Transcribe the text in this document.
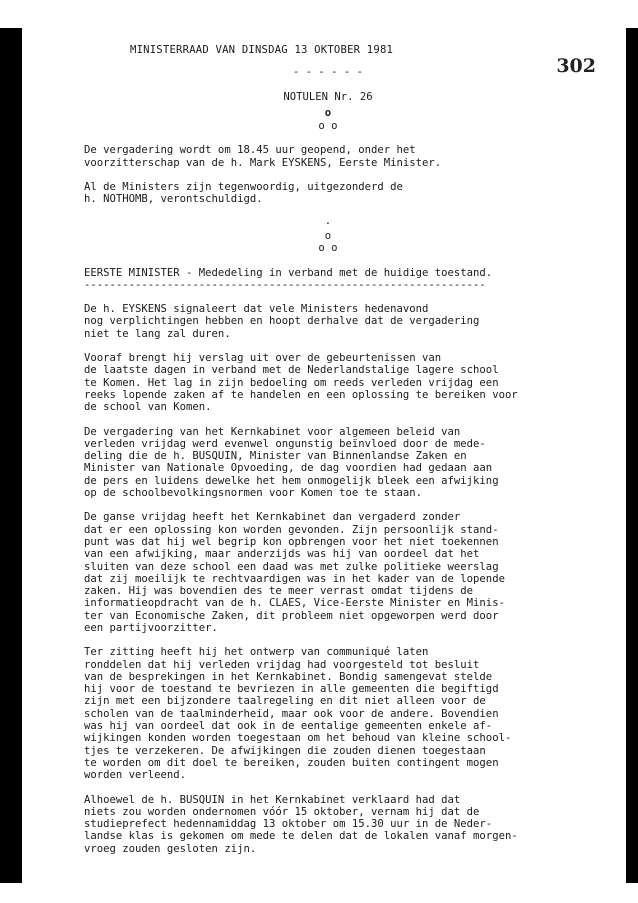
302
MINISTERRAAD VAN DINSDAG 13 OKTOBER 1981
- - - - - -
NOTULEN Nr. 26
o
o o

De vergadering wordt om 18.45 uur geopend, onder het
voorzitterschap van de h. Mark EYSKENS, Eerste Minister.

Al de Ministers zijn tegenwoordig, uitgezonderd de
h. NOTHOMB, verontschuldigd.

·
o
o o
EERSTE MINISTER - Mededeling in verband met de huidige toestand.
---------------------------------------------------------------

De h. EYSKENS signaleert dat vele Ministers hedenavond
nog verplichtingen hebben en hoopt derhalve dat de vergadering
niet te lang zal duren.

Vooraf brengt hij verslag uit over de gebeurtenissen van
de laatste dagen in verband met de Nederlandstalige lagere school
te Komen. Het lag in zijn bedoeling om reeds verleden vrijdag een
reeks lopende zaken af te handelen en een oplossing te bereiken voor
de school van Komen.

De vergadering van het Kernkabinet voor algemeen beleid van
verleden vrijdag werd evenwel ongunstig beïnvloed door de mede-
deling die de h. BUSQUIN, Minister van Binnenlandse Zaken en
Minister van Nationale Opvoeding, de dag voordien had gedaan aan
de pers en luidens dewelke het hem onmogelijk bleek een afwijking
op de schoolbevolkingsnormen voor Komen toe te staan.

De ganse vrijdag heeft het Kernkabinet dan vergaderd zonder
dat er een oplossing kon worden gevonden. Zijn persoonlijk stand-
punt was dat hij wel begrip kon opbrengen voor het niet toekennen
van een afwijking, maar anderzijds was hij van oordeel dat het
sluiten van deze school een daad was met zulke politieke weerslag
dat zij moeilijk te rechtvaardigen was in het kader van de lopende
zaken. Hij was bovendien des te meer verrast omdat tijdens de
informatieopdracht van de h. CLAES, Vice-Eerste Minister en Minis-
ter van Economische Zaken, dit probleem niet opgeworpen werd door
een partijvoorzitter.

Ter zitting heeft hij het ontwerp van communiqué laten
ronddelen dat hij verleden vrijdag had voorgesteld tot besluit
van de besprekingen in het Kernkabinet. Bondig samengevat stelde
hij voor de toestand te bevriezen in alle gemeenten die begiftigd
zijn met een bijzondere taalregeling en dit niet alleen voor de
scholen van de taalminderheid, maar ook voor de andere. Bovendien
was hij van oordeel dat ook in de eentalige gemeenten enkele af-
wijkingen konden worden toegestaan om het behoud van kleine school-
tjes te verzekeren. De afwijkingen die zouden dienen toegestaan
te worden om dit doel te bereiken, zouden buiten contingent mogen
worden verleend.

Alhoewel de h. BUSQUIN in het Kernkabinet verklaard had dat
niets zou worden ondernomen vóór 15 oktober, vernam hij dat de
studieprefect hedennamiddag 13 oktober om 15.30 uur in de Neder-
landse klas is gekomen om mede te delen dat de lokalen vanaf morgen-
vroeg zouden gesloten zijn.
